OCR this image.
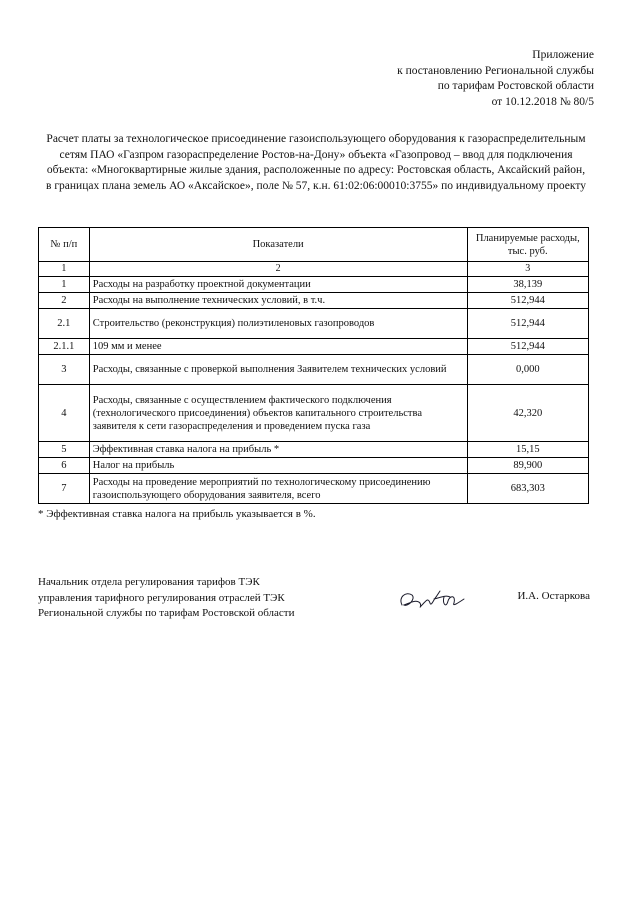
Приложение
к постановлению Региональной службы
по тарифам Ростовской области
от 10.12.2018 № 80/5
Расчет платы за технологическое присоединение газоиспользующего оборудования к газораспределительным
сетям ПАО «Газпром газораспределение Ростов-на-Дону» объекта «Газопровод – ввод для подключения
объекта: «Многоквартирные жилые здания, расположенные по адресу: Ростовская область, Аксайский район,
в границах плана земель АО «Аксайское», поле № 57, к.н. 61:02:06:00010:3755» по индивидуальному проекту
№ п/п	Показатели	Планируемые расходы,
тыс. руб.

1	2	3
1	Расходы на разработку проектной документации	38,139
2	Расходы на выполнение технических условий, в т.ч.	512,944
2.1	Строительство (реконструкция) полиэтиленовых газопроводов	512,944
2.1.1	109 мм и менее	512,944
3	Расходы, связанные с проверкой выполнения Заявителем технических условий	0,000
4	Расходы, связанные с осуществлением фактического подключения (технологического присоединения) объектов капитального строительства заявителя к сети газораспределения и проведением пуска газа	42,320
5	Эффективная ставка налога на прибыль *	15,15
6	Налог на прибыль	89,900
7	Расходы на проведение мероприятий по технологическому присоединению газоиспользующего оборудования заявителя, всего	683,303
* Эффективная ставка налога на прибыль указывается в %.
Начальник отдела регулирования тарифов ТЭК
управления тарифного регулирования отраслей ТЭК
Региональной службы по тарифам Ростовской области
И.А. Остаркова
